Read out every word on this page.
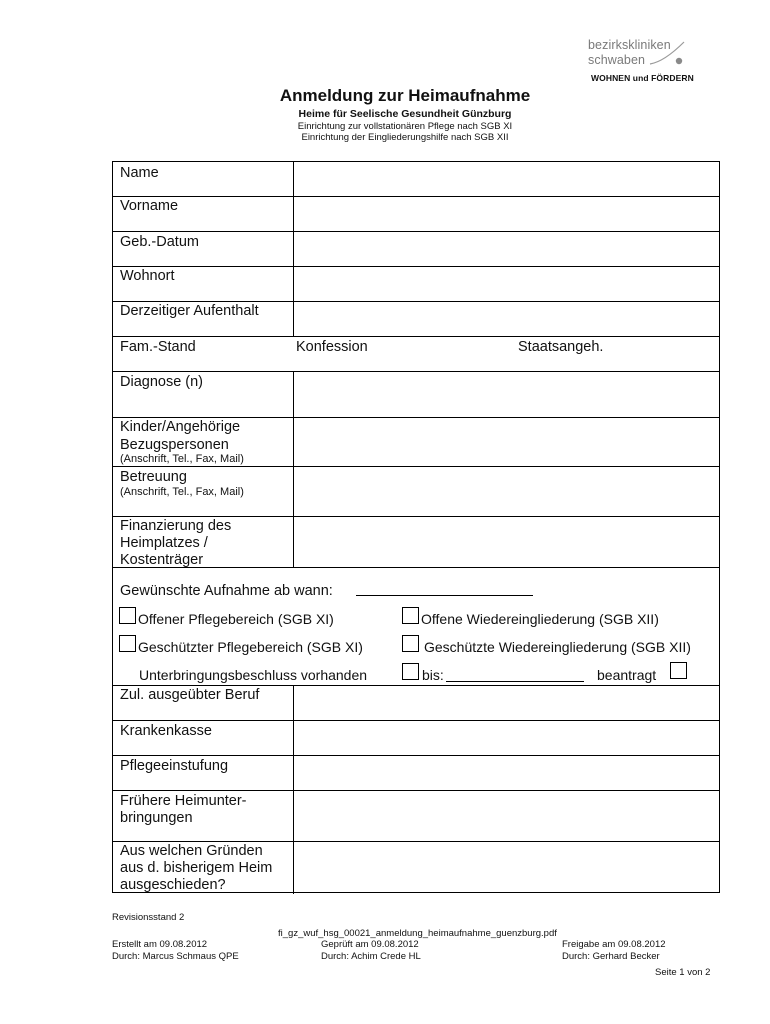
bezirkskliniken
schwaben
WOHNEN und FÖRDERN
Anmeldung zur Heimaufnahme
Heime für Seelische Gesundheit Günzburg
Einrichtung zur vollstationären Pflege nach SGB XI
Einrichtung der Eingliederungshilfe nach SGB XII
Name
Vorname
Geb.-Datum
Wohnort
Derzeitiger Aufenthalt
Fam.-Stand	Konfession	Staatsangeh.
Diagnose (n)
Kinder/Angehörige
Bezugspersonen
(Anschrift, Tel., Fax, Mail)
Betreuung
(Anschrift, Tel., Fax, Mail)
Finanzierung des
Heimplatzes /
Kostenträger
Gewünschte Aufnahme ab wann:
Offener Pflegebereich (SGB XI)	Offene Wiedereingliederung (SGB XII)
Geschützter Pflegebereich (SGB XI)	Geschützte Wiedereingliederung (SGB XII)
Unterbringungsbeschluss vorhanden	bis:	beantragt
Zul. ausgeübter Beruf
Krankenkasse
Pflegeeinstufung
Frühere Heimunter-
bringungen
Aus welchen Gründen
aus d. bisherigem Heim
ausgeschieden?
Revisionsstand 2
fi_gz_wuf_hsg_00021_anmeldung_heimaufnahme_guenzburg.pdf
Erstellt am 09.08.2012
Durch: Marcus Schmaus QPE
Geprüft am 09.08.2012
Durch: Achim Crede HL
Freigabe am 09.08.2012
Durch: Gerhard Becker
Seite 1 von 2
